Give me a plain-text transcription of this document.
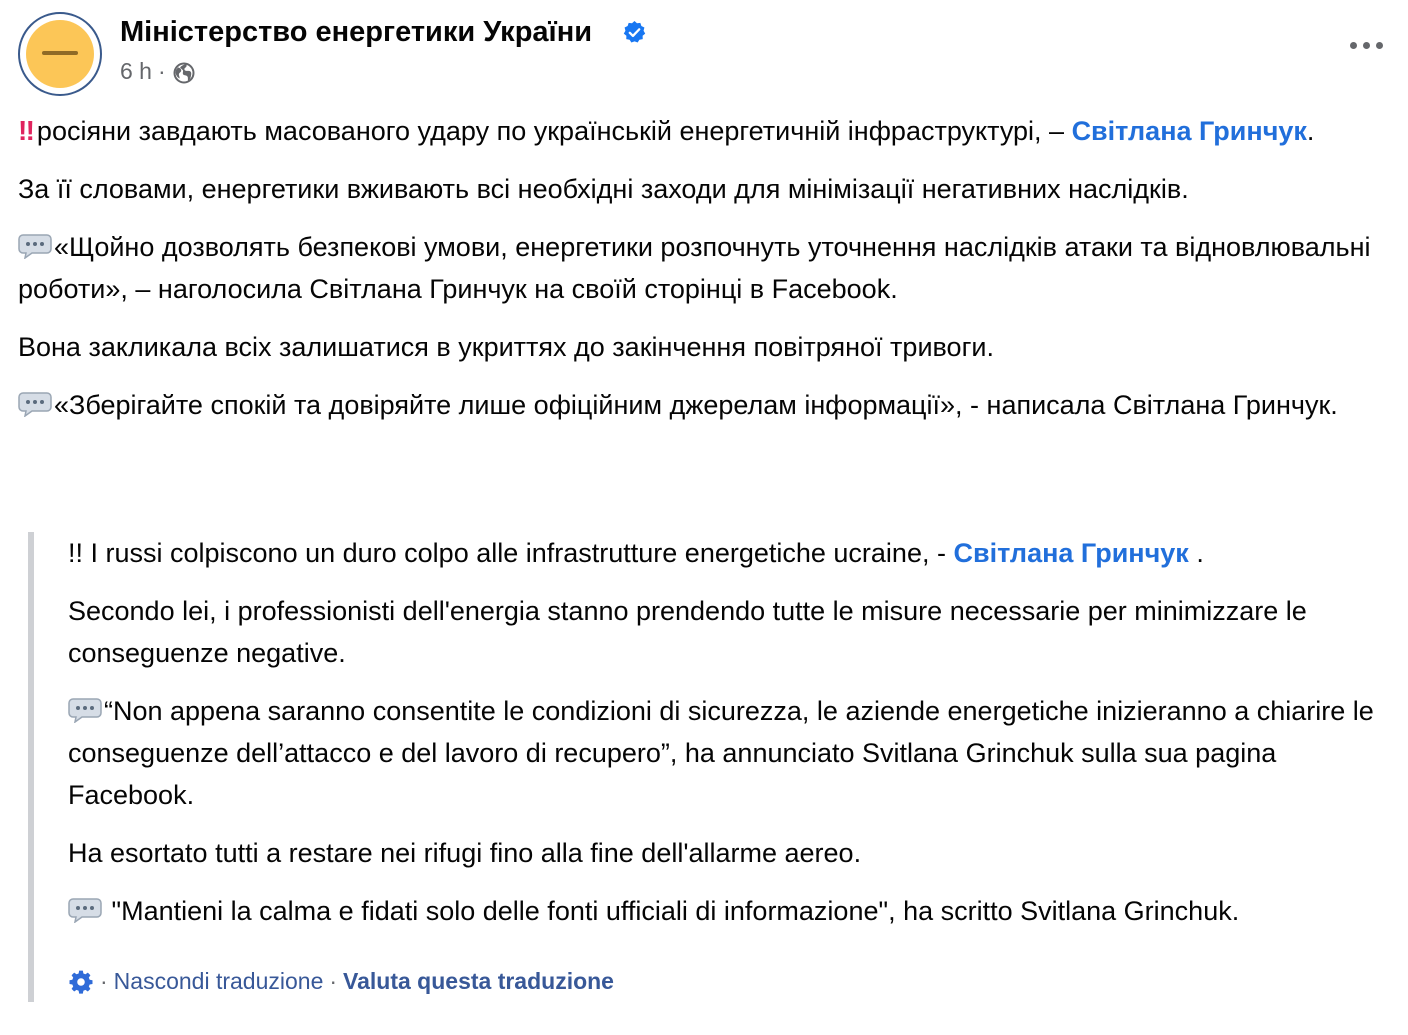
Міністерство енергетики України
6 h ·

‼ росіяни завдають масованого удару по українській енергетичній інфраструктурі, – Світлана Гринчук.

За її словами, енергетики вживають всі необхідні заходи для мінімізації негативних наслідків.

«Щойно дозволять безпекові умови, енергетики розпочнуть уточнення наслідків атаки та відновлювальні роботи», – наголосила Світлана Гринчук на своїй сторінці в Facebook.

Вона закликала всіх залишатися в укриттях до закінчення повітряної тривоги.

«Зберігайте спокій та довіряйте лише офіційним джерелам інформації», - написала Світлана Гринчук.

!! I russi colpiscono un duro colpo alle infrastrutture energetiche ucraine, - Світлана Гринчук .

Secondo lei, i professionisti dell'energia stanno prendendo tutte le misure necessarie per minimizzare le conseguenze negative.

“Non appena saranno consentite le condizioni di sicurezza, le aziende energetiche inizieranno a chiarire le conseguenze dell’attacco e del lavoro di recupero”, ha annunciato Svitlana Grinchuk sulla sua pagina Facebook.

Ha esortato tutti a restare nei rifugi fino alla fine dell'allarme aereo.

"Mantieni la calma e fidati solo delle fonti ufficiali di informazione", ha scritto Svitlana Grinchuk.

· Nascondi traduzione · Valuta questa traduzione
